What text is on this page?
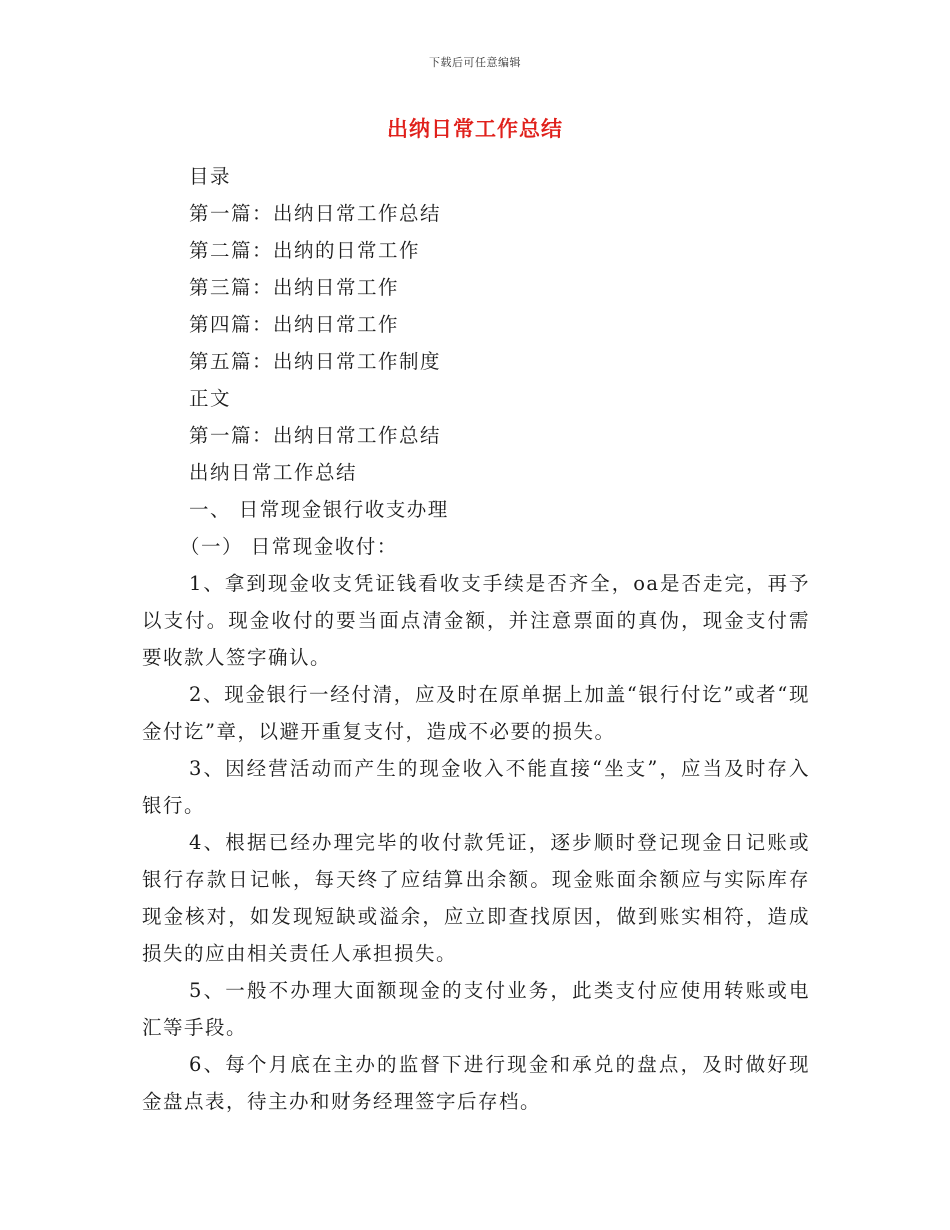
下载后可任意编辑
出纳日常工作总结
目录
第一篇：出纳日常工作总结
第二篇：出纳的日常工作
第三篇：出纳日常工作
第四篇：出纳日常工作
第五篇：出纳日常工作制度
正文
第一篇：出纳日常工作总结
出纳日常工作总结
一、 日常现金银行收支办理
（一） 日常现金收付：

1、拿到现金收支凭证钱看收支手续是否齐全，oa是否走完，再予以支付。现金收付的要当面点清金额，并注意票面的真伪，现金支付需要收款人签字确认。

2、现金银行一经付清，应及时在原单据上加盖“银行付讫”或者“现金付讫”章，以避开重复支付，造成不必要的损失。

3、因经营活动而产生的现金收入不能直接“坐支”，应当及时存入银行。

4、根据已经办理完毕的收付款凭证，逐步顺时登记现金日记账或银行存款日记帐，每天终了应结算出余额。现金账面余额应与实际库存现金核对，如发现短缺或溢余，应立即查找原因，做到账实相符，造成损失的应由相关责任人承担损失。

5、一般不办理大面额现金的支付业务，此类支付应使用转账或电汇等手段。

6、每个月底在主办的监督下进行现金和承兑的盘点，及时做好现金盘点表，待主办和财务经理签字后存档。
